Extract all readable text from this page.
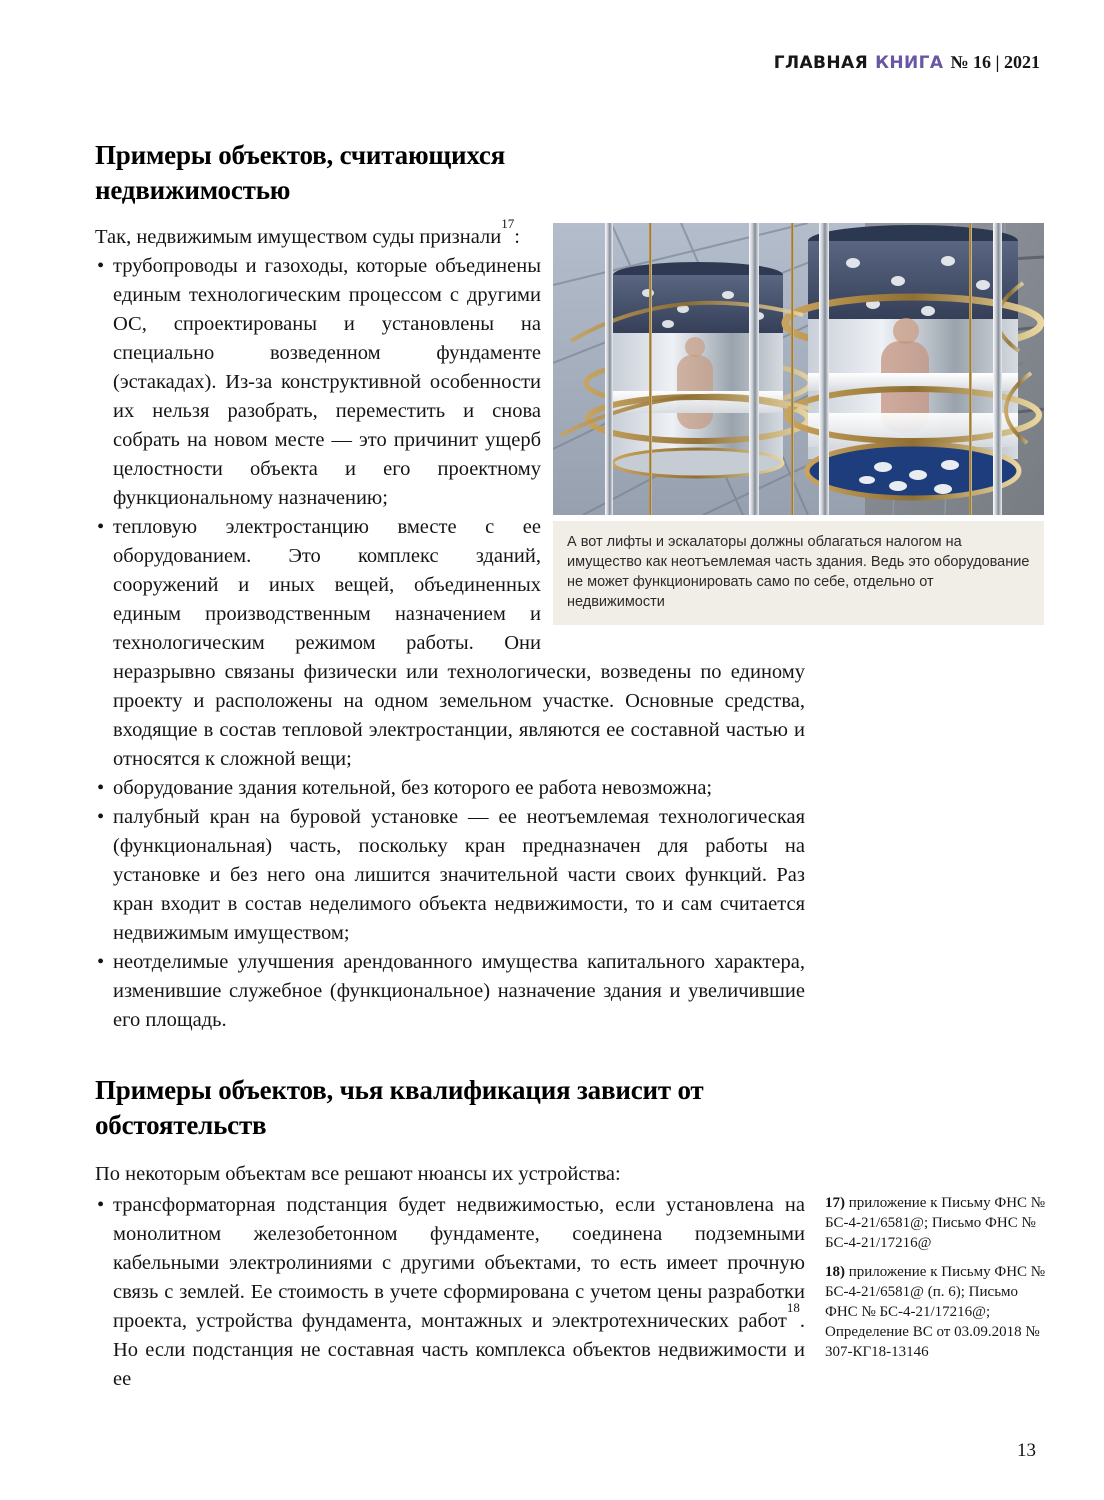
ГЛАВНАЯ КНИГА № 16 | 2021
Примеры объектов, считающихся недвижимостью
А вот лифты и эскалаторы должны облагаться налогом на имущество как неотъемлемая часть здания. Ведь это оборудование не может функционировать само по себе, отдельно от недвижимости

Так, недвижимым имуществом суды признали$^{17}$:

• трубопроводы и газоходы, которые объединены единым технологическим процессом с другими ОС, спроектированы и установлены на специально возведенном фундаменте (эстакадах). Из-за конструктивной особенности их нельзя разобрать, переместить и снова собрать на новом месте — это причинит ущерб целостности объекта и его проектному функциональному назначению;
• тепловую электростанцию вместе с ее оборудованием. Это комплекс зданий, сооружений и иных вещей, объединенных единым производственным назначением и технологическим режимом работы. Они неразрывно связаны физически или технологически, возведены по единому проекту и расположены на одном земельном участке. Основные средства, входящие в состав тепловой электростанции, являются ее составной частью и относятся к сложной вещи;
• оборудование здания котельной, без которого ее работа невозможна;
• палубный кран на буровой установке — ее неотъемлемая технологическая (функциональная) часть, поскольку кран предназначен для работы на установке и без него она лишится значительной части своих функций. Раз кран входит в состав неделимого объекта недвижимости, то и сам считается недвижимым имуществом;
• неотделимые улучшения арендованного имущества капитального характера, изменившие служебное (функциональное) назначение здания и увеличившие его площадь.
Примеры объектов, чья квалификация зависит от обстоятельств

По некоторым объектам все решают нюансы их устройства:

• трансформаторная подстанция будет недвижимостью, если установлена на монолитном железобетонном фундаменте, соединена подземными кабельными электролиниями с другими объектами, то есть имеет прочную связь с землей. Ее стоимость в учете сформирована с учетом цены разработки проекта, устройства фундамента, монтажных и электротехнических работ$^{18}$. Но если подстанция не составная часть комплекса объектов недвижимости и ее

17) приложение к Письму ФНС № БС-4-21/6581@; Письмо ФНС № БС-4-21/17216@

18) приложение к Письму ФНС № БС-4-21/6581@ (п. 6); Письмо ФНС № БС-4-21/17216@; Определение ВС от 03.09.2018 № 307-КГ18-13146

13
